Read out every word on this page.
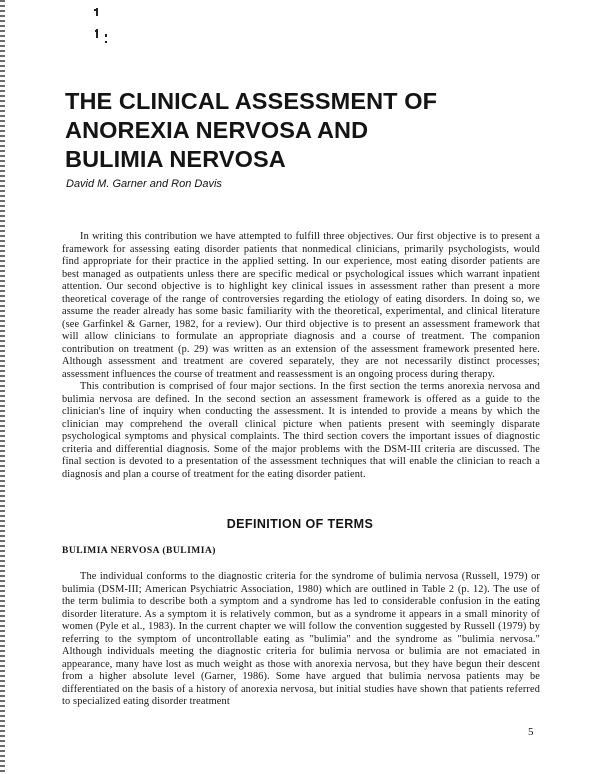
THE CLINICAL ASSESSMENT OF
ANOREXIA NERVOSA AND
BULIMIA NERVOSA

David M. Garner and Ron Davis

In writing this contribution we have attempted to fulfill three objectives. Our first objective is to present a framework for assessing eating disorder patients that nonmedical clinicians, primarily psychologists, would find appropriate for their practice in the applied setting. In our experience, most eating disorder patients are best managed as outpatients unless there are specific medical or psychological issues which warrant inpatient attention. Our second objective is to highlight key clinical issues in assessment rather than present a more theoretical coverage of the range of controversies regarding the etiology of eating disorders. In doing so, we assume the reader already has some basic familiarity with the theoretical, experimental, and clinical literature (see Garfinkel & Garner, 1982, for a review). Our third objective is to present an assessment framework that will allow clinicians to formulate an appropriate diagnosis and a course of treatment. The companion contribution on treatment (p. 29) was written as an extension of the assessment framework presented here. Although assessment and treatment are covered separately, they are not necessarily distinct processes; assessment influences the course of treatment and reassessment is an ongoing process during therapy.

This contribution is comprised of four major sections. In the first section the terms anorexia nervosa and bulimia nervosa are defined. In the second section an assessment framework is offered as a guide to the clinician's line of inquiry when conducting the assessment. It is intended to provide a means by which the clinician may comprehend the overall clinical picture when patients present with seemingly disparate psychological symptoms and physical complaints. The third section covers the important issues of diagnostic criteria and differential diagnosis. Some of the major problems with the DSM-III criteria are discussed. The final section is devoted to a presentation of the assessment techniques that will enable the clinician to reach a diagnosis and plan a course of treatment for the eating disorder patient.

DEFINITION OF TERMS
BULIMIA NERVOSA (BULIMIA)

The individual conforms to the diagnostic criteria for the syndrome of bulimia nervosa (Russell, 1979) or bulimia (DSM-III; American Psychiatric Association, 1980) which are outlined in Table 2 (p. 12). The use of the term bulimia to describe both a symptom and a syndrome has led to considerable confusion in the eating disorder literature. As a symptom it is relatively common, but as a syndrome it appears in a small minority of women (Pyle et al., 1983). In the current chapter we will follow the convention suggested by Russell (1979) by referring to the symptom of uncontrollable eating as "bulimia" and the syndrome as "bulimia nervosa." Although individuals meeting the diagnostic criteria for bulimia nervosa or bulimia are not emaciated in appearance, many have lost as much weight as those with anorexia nervosa, but they have begun their descent from a higher absolute level (Garner, 1986). Some have argued that bulimia nervosa patients may be differentiated on the basis of a history of anorexia nervosa, but initial studies have shown that patients referred to specialized eating disorder treatment

5
